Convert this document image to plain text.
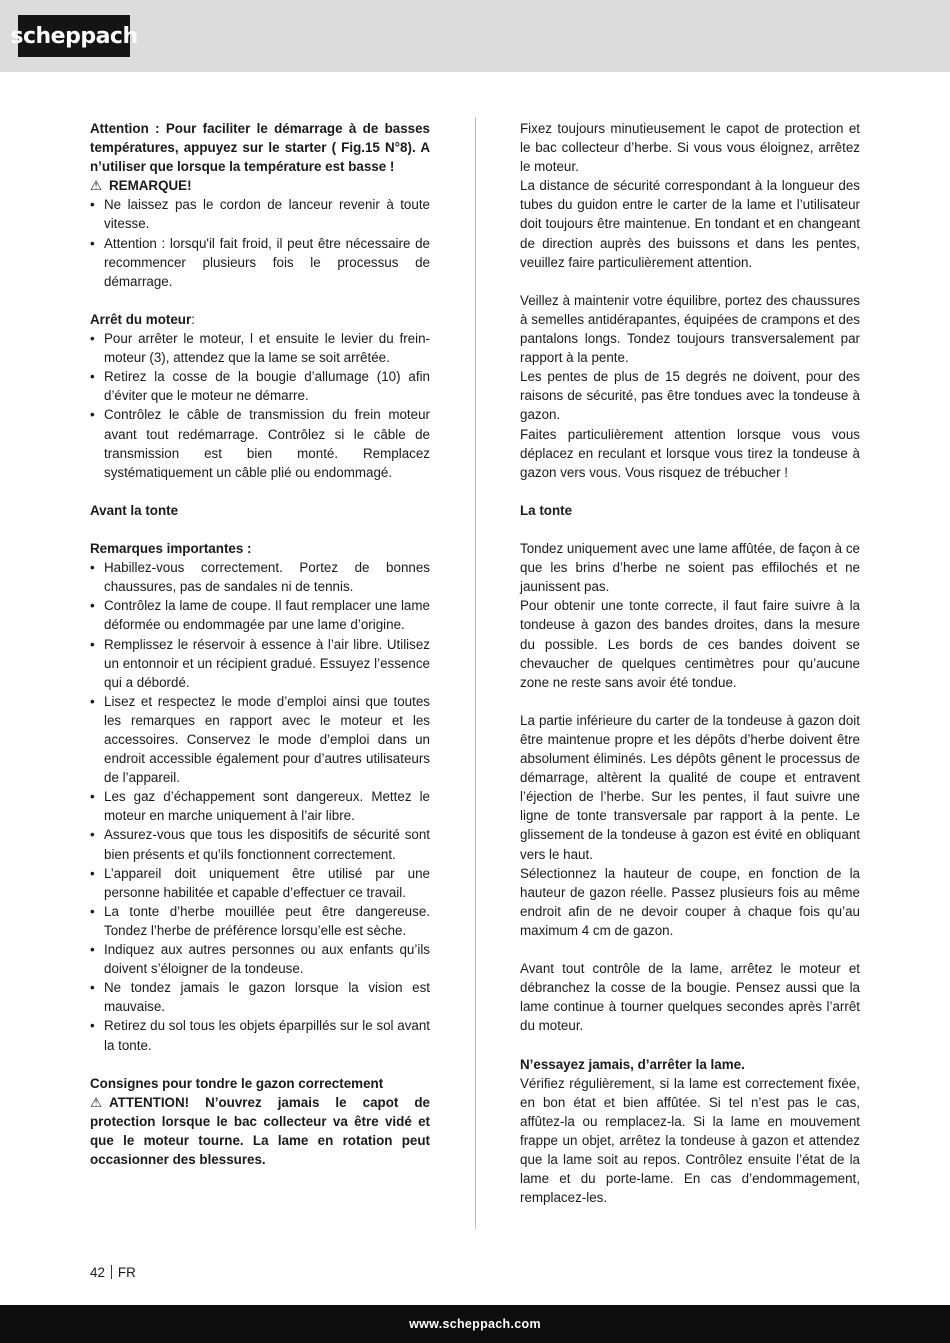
scheppach

Attention : Pour faciliter le démarrage à de basses températures, appuyez sur le starter ( Fig.15 N°8). A n’utiliser que lorsque la température est basse !

⚠ REMARQUE!

• Ne laissez pas le cordon de lanceur revenir à toute vitesse.
• Attention : lorsqu'il fait froid, il peut être nécessaire de recommencer plusieurs fois le processus de démarrage.

Arrêt du moteur:

• Pour arrêter le moteur, l et ensuite le levier du frein-moteur (3), attendez que la lame se soit arrêtée.
• Retirez la cosse de la bougie d’allumage (10) afin d’éviter que le moteur ne démarre.
• Contrôlez le câble de transmission du frein moteur avant tout redémarrage. Contrôlez si le câble de transmission est bien monté. Remplacez systématiquement un câble plié ou endommagé.

Avant la tonte

Remarques importantes :

• Habillez-vous correctement. Portez de bonnes chaussures, pas de sandales ni de tennis.
• Contrôlez la lame de coupe. Il faut remplacer une lame déformée ou endommagée par une lame d’origine.
• Remplissez le réservoir à essence à l’air libre. Utilisez un entonnoir et un récipient gradué. Essuyez l’essence qui a débordé.
• Lisez et respectez le mode d’emploi ainsi que toutes les remarques en rapport avec le moteur et les accessoires. Conservez le mode d’emploi dans un endroit accessible également pour d’autres utilisateurs de l’appareil.
• Les gaz d’échappement sont dangereux. Mettez le moteur en marche uniquement à l’air libre.
• Assurez-vous que tous les dispositifs de sécurité sont bien présents et qu’ils fonctionnent correctement.
• L’appareil doit uniquement être utilisé par une personne habilitée et capable d’effectuer ce travail.
• La tonte d’herbe mouillée peut être dangereuse. Tondez l’herbe de préférence lorsqu’elle est sèche.
• Indiquez aux autres personnes ou aux enfants qu’ils doivent s’éloigner de la tondeuse.
• Ne tondez jamais le gazon lorsque la vision est mauvaise.
• Retirez du sol tous les objets éparpillés sur le sol avant la tonte.

Consignes pour tondre le gazon correctement

⚠ ATTENTION! N’ouvrez jamais le capot de protection lorsque le bac collecteur va être vidé et que le moteur tourne. La lame en rotation peut occasionner des blessures.

Fixez toujours minutieusement le capot de protection et le bac collecteur d’herbe. Si vous vous éloignez, arrêtez le moteur.

La distance de sécurité correspondant à la longueur des tubes du guidon entre le carter de la lame et l’utilisateur doit toujours être maintenue. En tondant et en changeant de direction auprès des buissons et dans les pentes, veuillez faire particulièrement attention.

Veillez à maintenir votre équilibre, portez des chaussures à semelles antidérapantes, équipées de crampons et des pantalons longs. Tondez toujours transversalement par rapport à la pente.

Les pentes de plus de 15 degrés ne doivent, pour des raisons de sécurité, pas être tondues avec la tondeuse à gazon.

Faites particulièrement attention lorsque vous vous déplacez en reculant et lorsque vous tirez la tondeuse à gazon vers vous. Vous risquez de trébucher !

La tonte

Tondez uniquement avec une lame affûtée, de façon à ce que les brins d’herbe ne soient pas effilochés et ne jaunissent pas.

Pour obtenir une tonte correcte, il faut faire suivre à la tondeuse à gazon des bandes droites, dans la mesure du possible. Les bords de ces bandes doivent se chevaucher de quelques centimètres pour qu’aucune zone ne reste sans avoir été tondue.

La partie inférieure du carter de la tondeuse à gazon doit être maintenue propre et les dépôts d’herbe doivent être absolument éliminés. Les dépôts gênent le processus de démarrage, altèrent la qualité de coupe et entravent l’éjection de l’herbe. Sur les pentes, il faut suivre une ligne de tonte transversale par rapport à la pente. Le glissement de la tondeuse à gazon est évité en obliquant vers le haut.

Sélectionnez la hauteur de coupe, en fonction de la hauteur de gazon réelle. Passez plusieurs fois au même endroit afin de ne devoir couper à chaque fois qu’au maximum 4 cm de gazon.

Avant tout contrôle de la lame, arrêtez le moteur et débranchez la cosse de la bougie. Pensez aussi que la lame continue à tourner quelques secondes après l’arrêt du moteur.

N’essayez jamais, d’arrêter la lame.

Vérifiez régulièrement, si la lame est correctement fixée, en bon état et bien affûtée. Si tel n’est pas le cas, affûtez-la ou remplacez-la. Si la lame en mouvement frappe un objet, arrêtez la tondeuse à gazon et attendez que la lame soit au repos. Contrôlez ensuite l’état de la lame et du porte-lame. En cas d’endommagement, remplacez-les.

42 FR
www.scheppach.com
